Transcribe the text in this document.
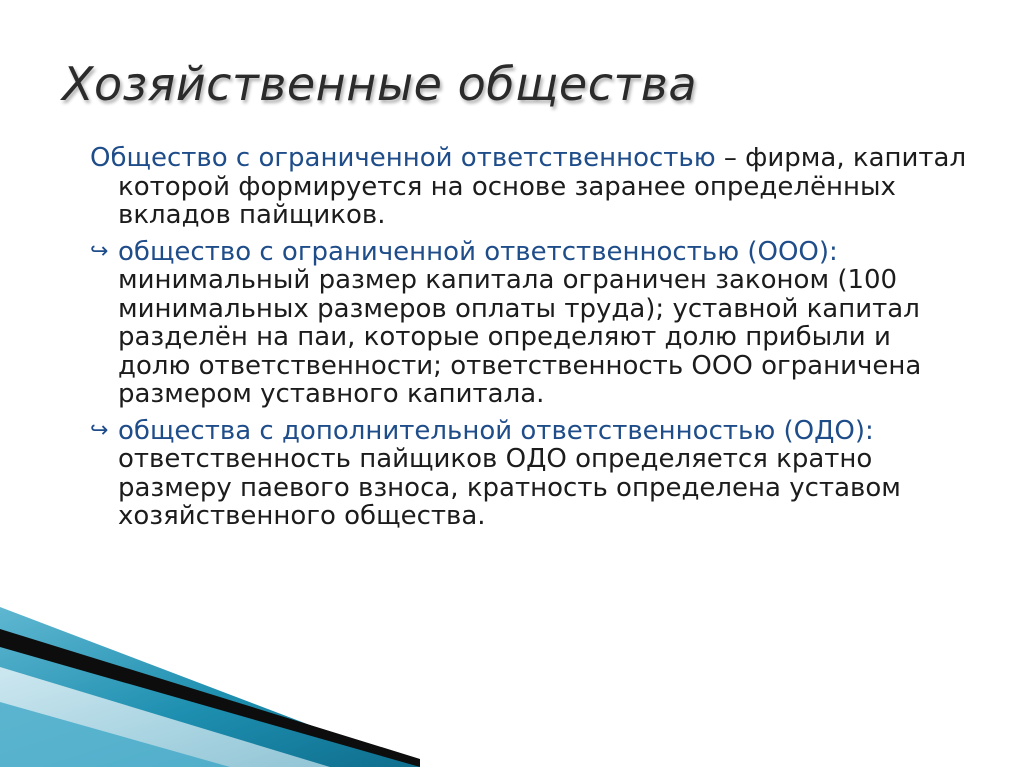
Хозяйственные общества

Общество с ограниченной ответственностью – фирма, капитал которой формируется на основе заранее определённых вкладов пайщиков.

↪ общество с ограниченной ответственностью (ООО): минимальный размер капитала ограничен законом (100 минимальных размеров оплаты труда); уставной капитал разделён на паи, которые определяют долю прибыли и долю ответственности; ответственность ООО ограничена размером уставного капитала.

↪ общества с дополнительной ответственностью (ОДО): ответственность пайщиков ОДО определяется кратно размеру паевого взноса, кратность определена уставом хозяйственного общества.
